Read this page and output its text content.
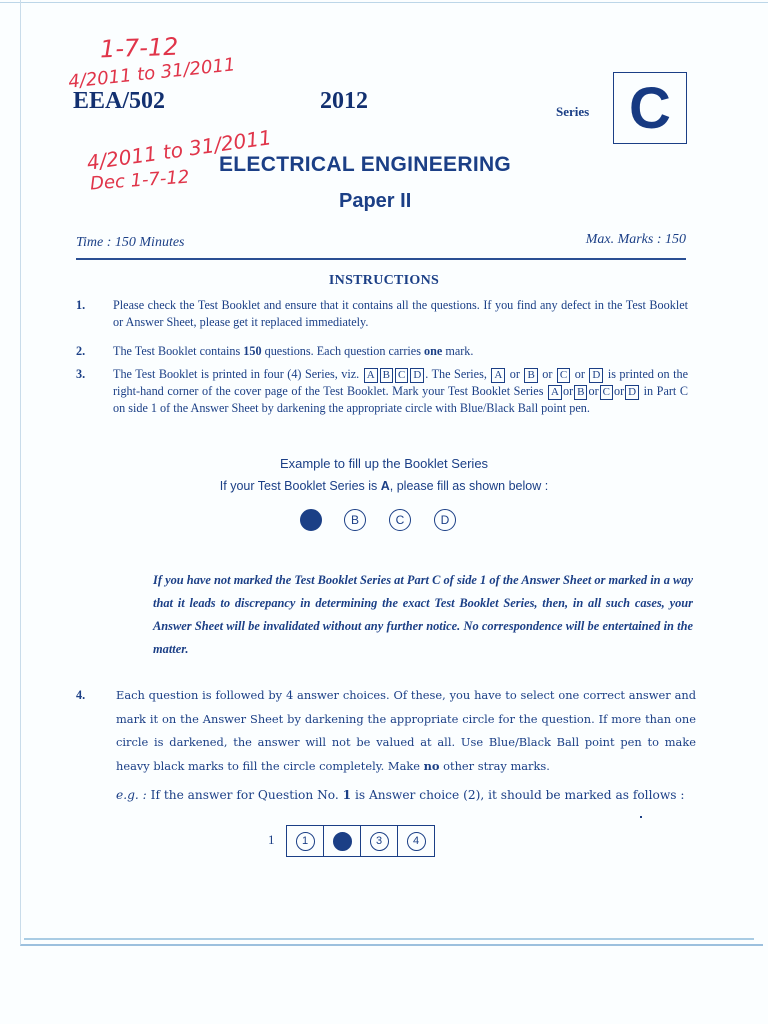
1-7-12
4/2011 to 31/2011
4/2011 to 31/2011
Dec 1-7-12
EEA/502	2012	Series C
ELECTRICAL ENGINEERING
Paper II
Time : 150 Minutes	Max. Marks : 150
INSTRUCTIONS
1. Please check the Test Booklet and ensure that it contains all the questions. If you find any defect in the Test Booklet or Answer Sheet, please get it replaced immediately.
2. The Test Booklet contains 150 questions. Each question carries one mark.
3. The Test Booklet is printed in four (4) Series, viz. A B C D . The Series, A or B or C or D is printed on the right-hand corner of the cover page of the Test Booklet. Mark your Test Booklet Series A or B or C or D in Part C on side 1 of the Answer Sheet by darkening the appropriate circle with Blue/Black Ball point pen.
Example to fill up the Booklet Series
If your Test Booklet Series is A, please fill as shown below :
B	C	D
If you have not marked the Test Booklet Series at Part C of side 1 of the Answer Sheet or marked in a way that it leads to discrepancy in determining the exact Test Booklet Series, then, in all such cases, your Answer Sheet will be invalidated without any further notice. No correspondence will be entertained in the matter.
4.	Each question is followed by 4 answer choices. Of these, you have to select one correct answer and mark it on the Answer Sheet by darkening the appropriate circle for the question. If more than one circle is darkened, the answer will not be valued at all. Use Blue/Black Ball point pen to make heavy black marks to fill the circle completely. Make no other stray marks.
e.g. : If the answer for Question No. 1 is Answer choice (2), it should be marked as follows :
1	1	3	4
